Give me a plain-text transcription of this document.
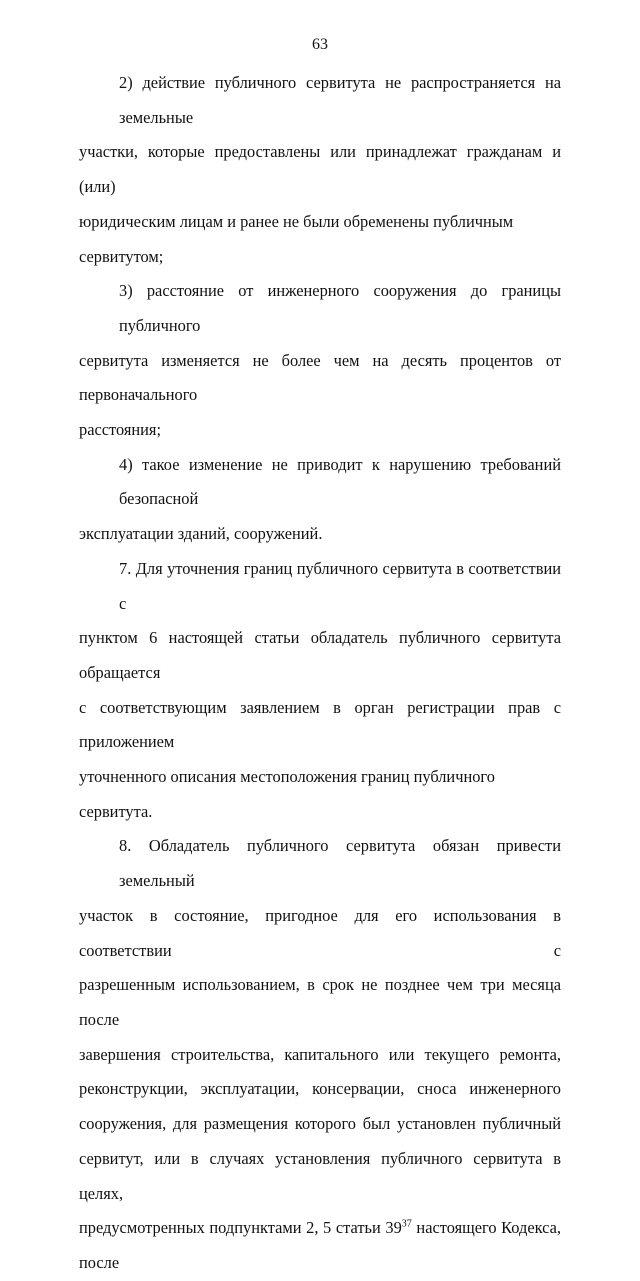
63
2) действие публичного сервитута не распространяется на земельные
участки, которые предоставлены или принадлежат гражданам и (или)
юридическим лицам и ранее не были обременены публичным сервитутом;
3) расстояние от инженерного сооружения до границы публичного
сервитута изменяется не более чем на десять процентов от первоначального
расстояния;
4) такое изменение не приводит к нарушению требований безопасной
эксплуатации зданий, сооружений.
7. Для уточнения границ публичного сервитута в соответствии с
пунктом 6 настоящей статьи обладатель публичного сервитута обращается
с соответствующим заявлением в орган регистрации прав с приложением
уточненного описания местоположения границ публичного сервитута.
8. Обладатель публичного сервитута обязан привести земельный
участок в состояние, пригодное для его использования в соответствии с
разрешенным использованием, в срок не позднее чем три месяца после
завершения строительства, капитального или текущего ремонта,
реконструкции, эксплуатации, консервации, сноса инженерного
сооружения, для размещения которого был установлен публичный
сервитут, или в случаях установления публичного сервитута в целях,
предусмотренных подпунктами 2, 5 статьи $39^{37}$ настоящего Кодекса, после
